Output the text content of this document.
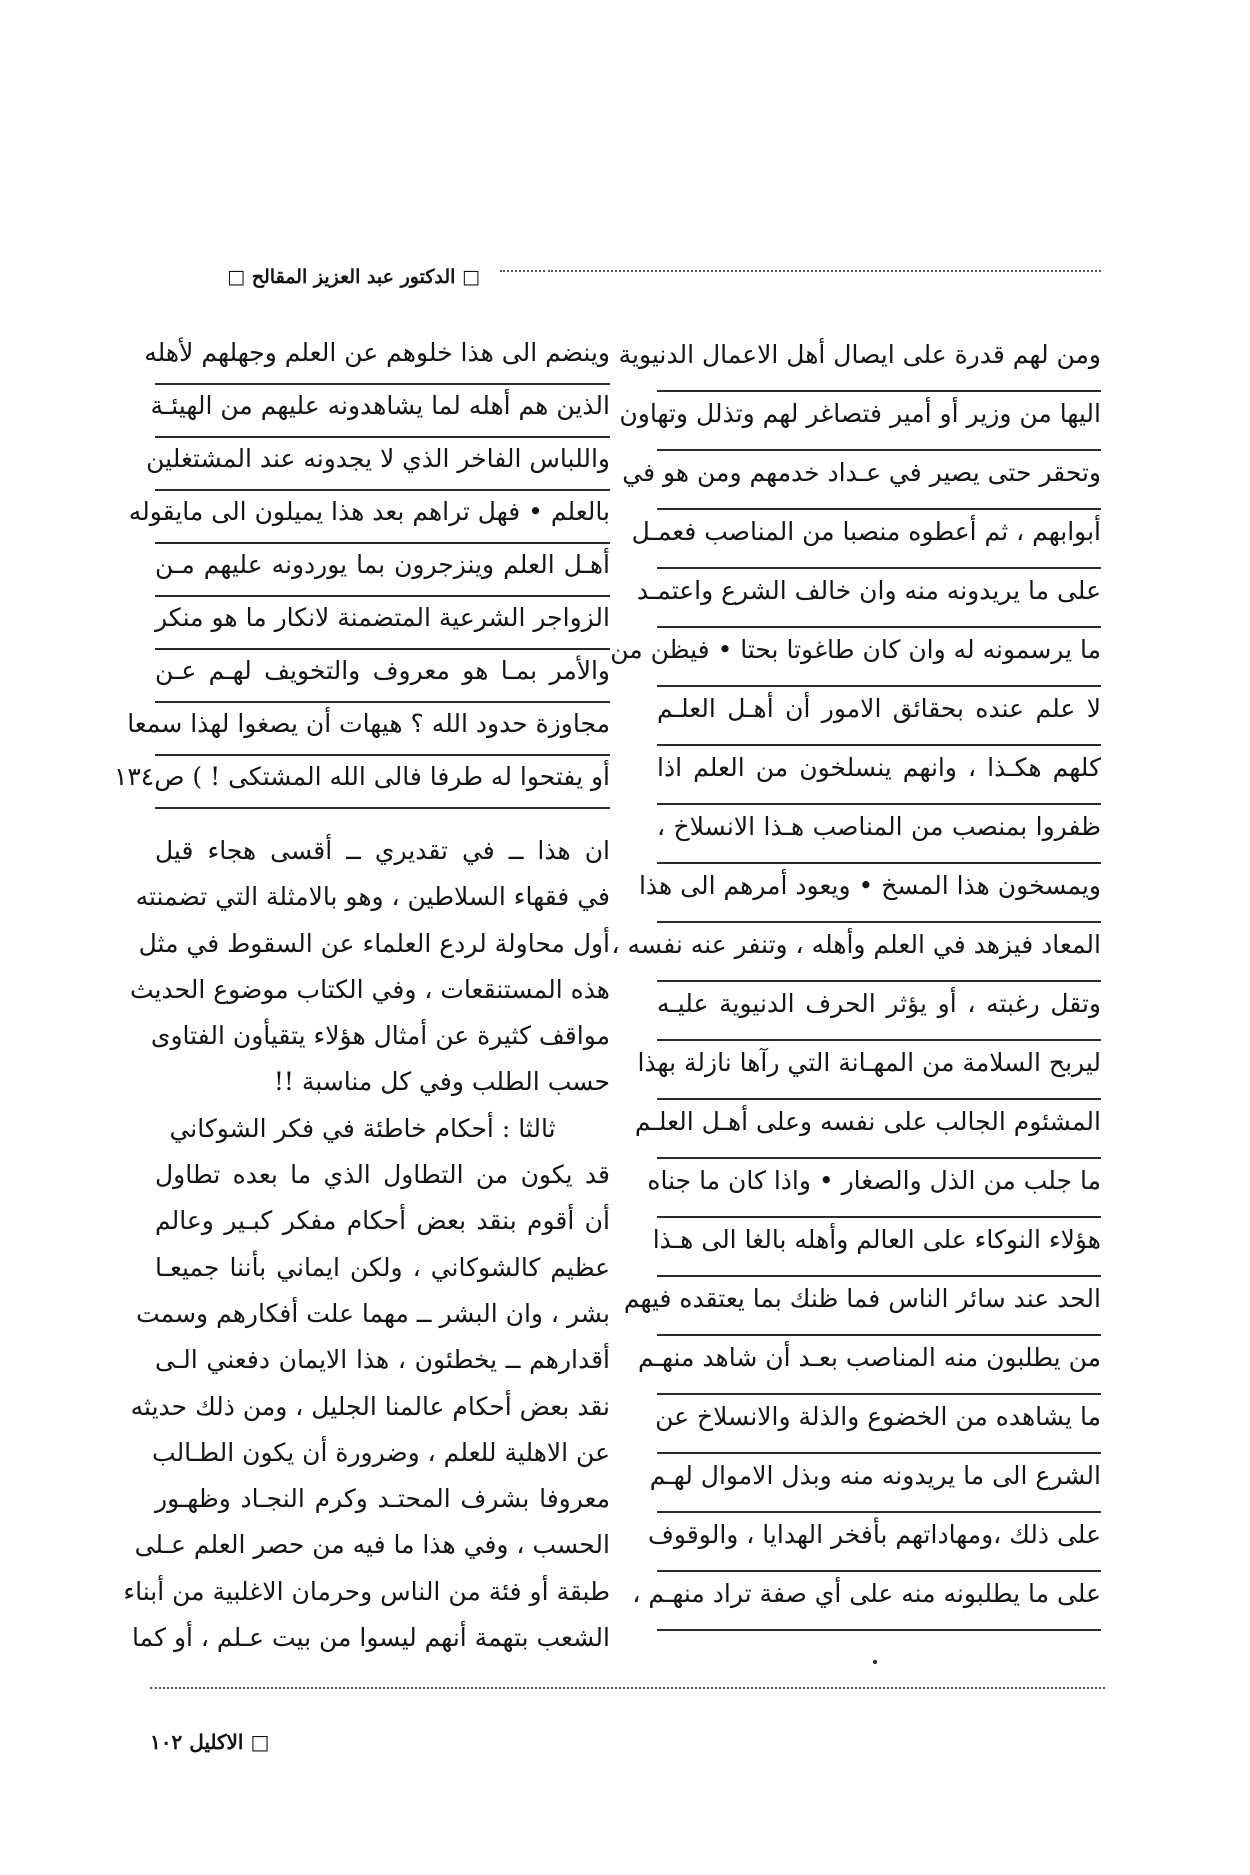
□ الدكتور عبد العزيز المقالح □
ومن لهم قدرة على ايصال أهل الاعمال الدنيوية
اليها من وزير أو أمير فتصاغر لهم وتذلل وتهاون
وتحقر حتى يصير في عـداد خدمهم ومن هو في
أبوابهم ، ثم أعطوه منصبا من المناصب فعمـل
على ما يريدونه منه وان خالف الشرع واعتمـد
ما يرسمونه له وان كان طاغوتا بحتا • فيظن من
لا علم عنده بحقائق الامور أن أهـل العلـم
كلهم هكـذا ، وانهم ينسلخون من العلم اذا
ظفروا بمنصب من المناصب هـذا الانسلاخ ،
ويمسخون هذا المسخ • ويعود أمرهم الى هذا
المعاد فيزهد في العلم وأهله ، وتنفر عنه نفسه ،
وتقل رغبته ، أو يؤثر الحرف الدنيوية عليـه
ليربح السلامة من المهـانة التي رآها نازلة بهذا
المشئوم الجالب على نفسه وعلى أهـل العلـم
ما جلب من الذل والصغار • واذا كان ما جناه
هؤلاء النوكاء على العالم وأهله بالغا الى هـذا
الحد عند سائر الناس فما ظنك بما يعتقده فيهم
من يطلبون منه المناصب بعـد أن شاهد منهـم
ما يشاهده من الخضوع والذلة والانسلاخ عن
الشرع الى ما يريدونه منه وبذل الاموال لهـم
على ذلك ،ومهاداتهم بأفخر الهدايا ، والوقوف
على ما يطلبونه منه على أي صفة تراد منهـم ،
وينضم الى هذا خلوهم عن العلم وجهلهم لأهله
الذين هم أهله لما يشاهدونه عليهم من الهيئـة
واللباس الفاخر الذي لا يجدونه عند المشتغلين
بالعلم • فهل تراهم بعد هذا يميلون الى مايقوله
أهـل العلم وينزجرون بما يوردونه عليهم مـن
الزواجر الشرعية المتضمنة لانكار ما هو منكر
والأمر بمـا هو معروف والتخويف لهـم عـن
مجاوزة حدود الله ؟ هيهات أن يصغوا لهذا سمعا
أو يفتحوا له طرفا فالى الله المشتكى ! ) ص١٣٤
ان هذا ــ في تقديري ــ أقسى هجاء قيل
في فقهاء السلاطين ، وهو بالامثلة التي تضمنته
أول محاولة لردع العلماء عن السقوط في مثل
هذه المستنقعات ، وفي الكتاب موضوع الحديث
مواقف كثيرة عن أمثال هؤلاء يتقيأون الفتاوى
حسب الطلب وفي كل مناسبة !!
ثالثا : أحكام خاطئة في فكر الشوكاني
قد يكون من التطاول الذي ما بعده تطاول
أن أقوم بنقد بعض أحكام مفكر كبـير وعالم
عظيم كالشوكاني ، ولكن ايماني بأننا جميعـا
بشر ، وان البشر ــ مهما علت أفكارهم وسمت
أقدارهم ــ يخطئون ، هذا الايمان دفعني الـى
نقد بعض أحكام عالمنا الجليل ، ومن ذلك حديثه
عن الاهلية للعلم ، وضرورة أن يكون الطـالب
معروفا بشرف المحتـد وكرم النجـاد وظهـور
الحسب ، وفي هذا ما فيه من حصر العلم عـلى
طبقة أو فئة من الناس وحرمان الاغلبية من أبناء
الشعب بتهمة أنهم ليسوا من بيت عـلم ، أو كما
□ الاكليل ١٠٢
